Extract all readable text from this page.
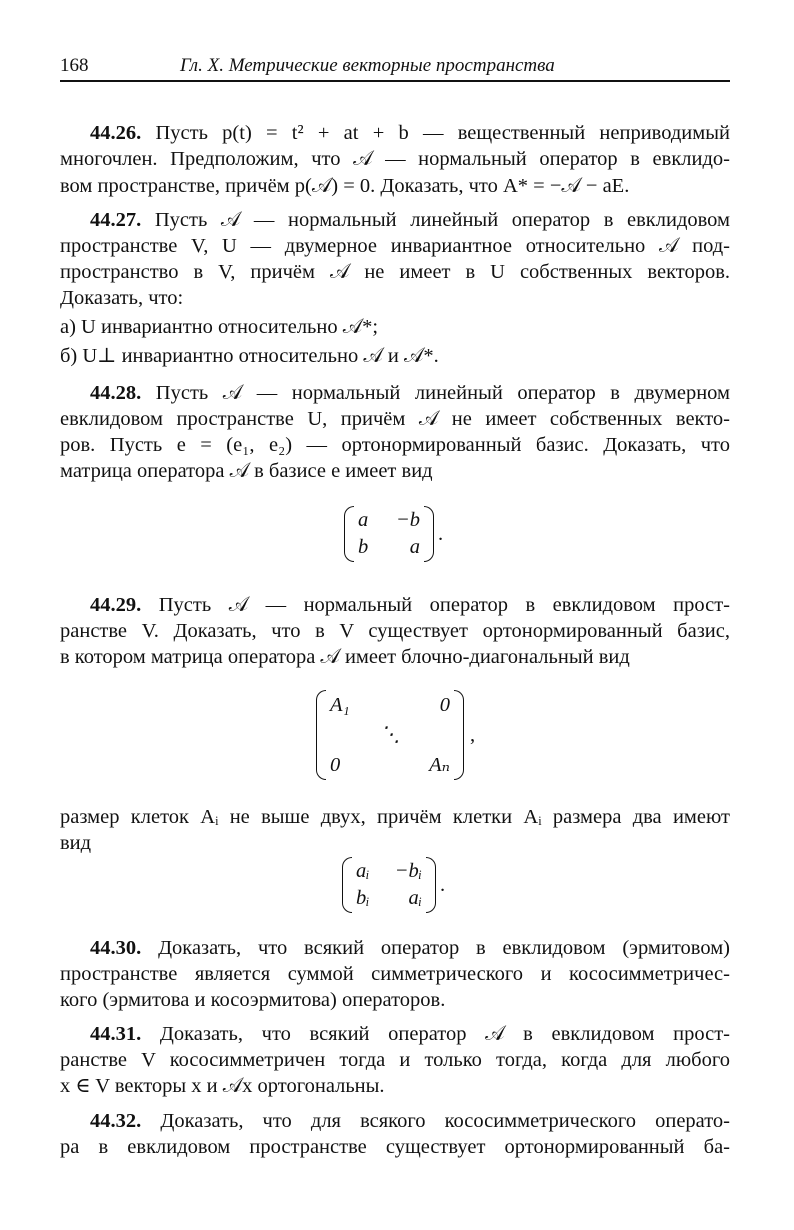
168	Гл. X. Метрические векторные пространства
44.26. Пусть p(t) = t² + at + b — вещественный неприводимый
многочлен. Предположим, что 𝒜 — нормальный оператор в евклидо-
вом пространстве, причём p(𝒜) = 0. Доказать, что A* = −𝒜 − aE.
44.27. Пусть 𝒜 — нормальный линейный оператор в евклидовом
пространстве V, U — двумерное инвариантное относительно 𝒜 под-
пространство в V, причём 𝒜 не имеет в U собственных векторов.
Доказать, что:
а) U инвариантно относительно 𝒜*;
б) U⊥ инвариантно относительно 𝒜 и 𝒜*.
44.28. Пусть 𝒜 — нормальный линейный оператор в двумерном
евклидовом пространстве U, причём 𝒜 не имеет собственных векто-
ров. Пусть e = (e₁, e₂) — ортонормированный базис. Доказать, что
матрица оператора 𝒜 в базисе e имеет вид
a	−b
b	a
.
44.29. Пусть 𝒜 — нормальный оператор в евклидовом прост-
ранстве V. Доказать, что в V существует ортонормированный базис,
в котором матрица оператора 𝒜 имеет блочно-диагональный вид
A₁	0
⋱
0	Aₙ
,
размер клеток Aᵢ не выше двух, причём клетки Aᵢ размера два имеют
вид
aᵢ	−bᵢ
bᵢ	aᵢ
.
44.30. Доказать, что всякий оператор в евклидовом (эрмитовом)
пространстве является суммой симметрического и кососимметричес-
кого (эрмитова и косоэрмитова) операторов.
44.31. Доказать, что всякий оператор 𝒜 в евклидовом прост-
ранстве V кососимметричен тогда и только тогда, когда для любого
x ∈ V векторы x и 𝒜x ортогональны.
44.32. Доказать, что для всякого кососимметрического операто-
ра в евклидовом пространстве существует ортонормированный ба-
